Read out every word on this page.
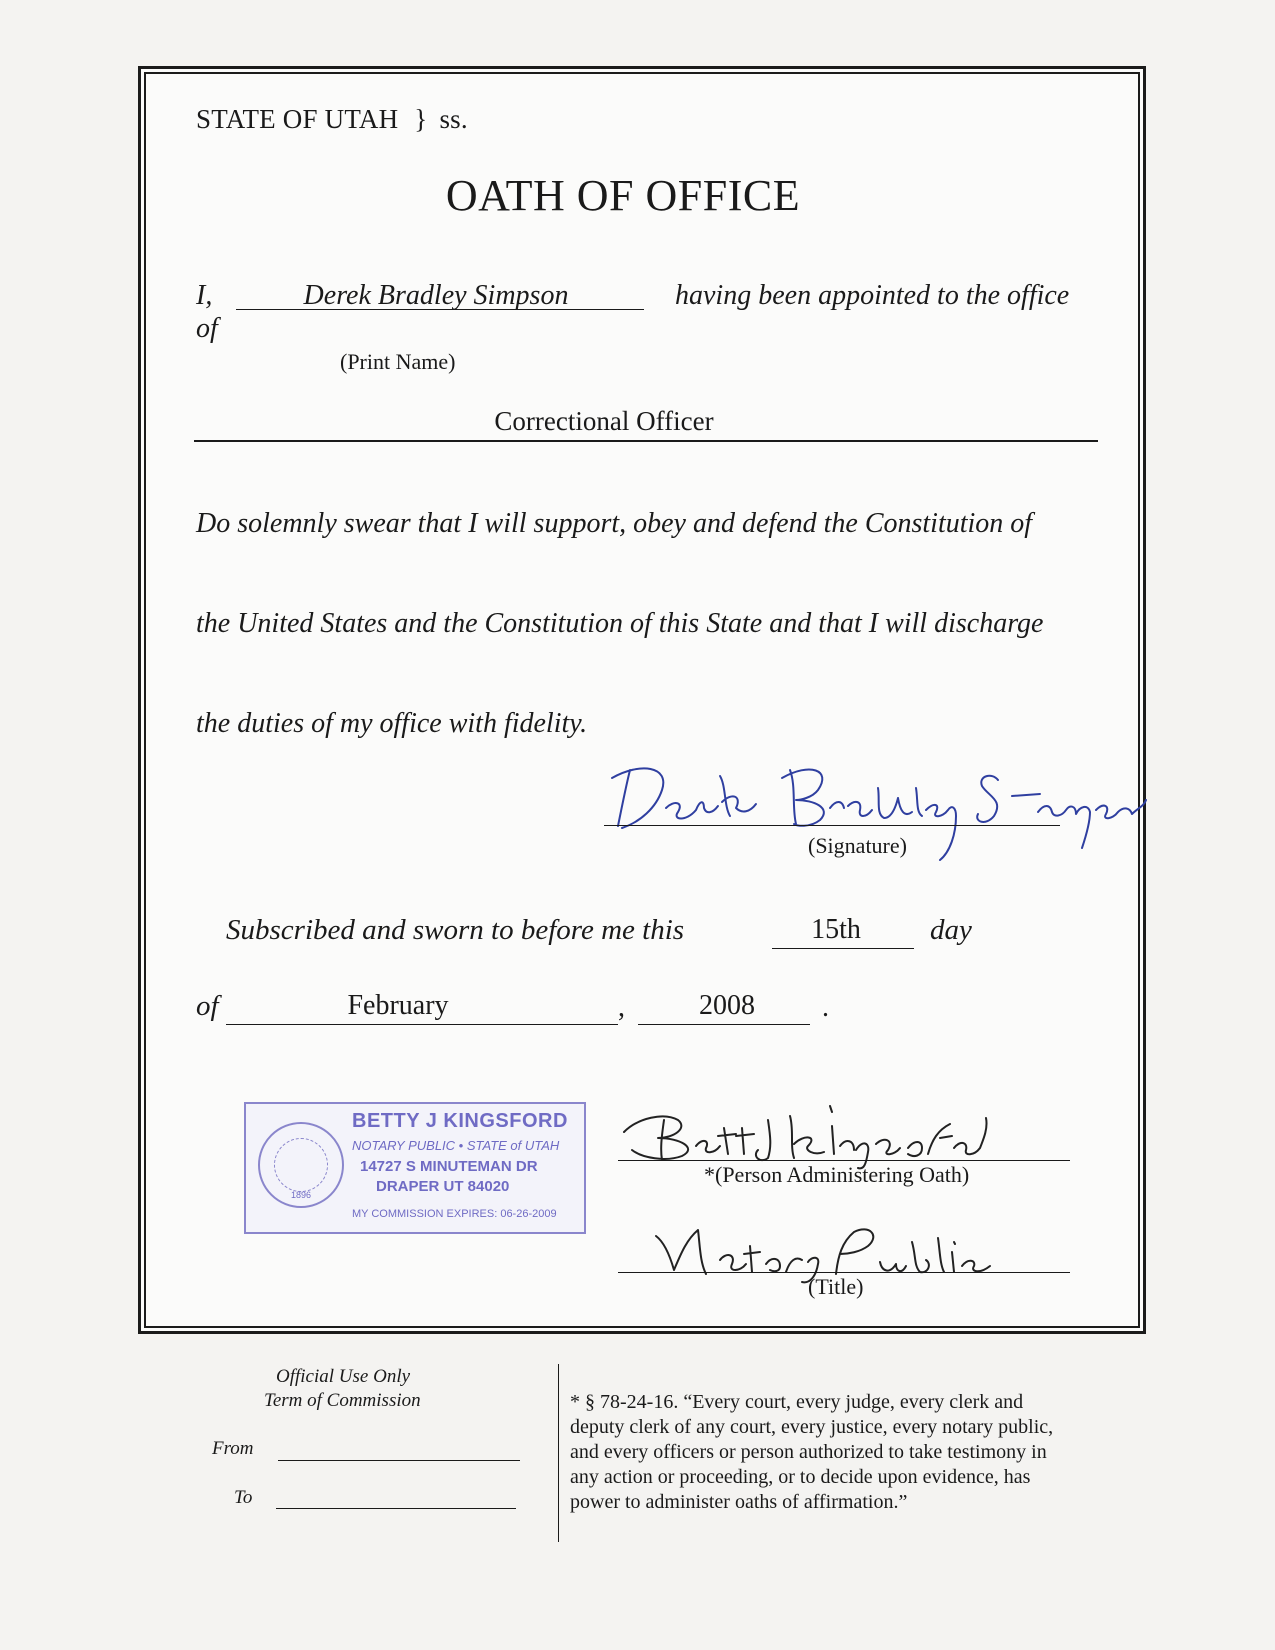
STATE OF UTAH } ss.
OATH OF OFFICE
I,	Derek Bradley Simpson	having been appointed to the office
of
(Print Name)
Correctional Officer
Do solemnly swear that I will support, obey and defend the Constitution of
the United States and the Constitution of this State and that I will discharge
the duties of my office with fidelity.
(Signature)
Subscribed and sworn to before me this	15th	day
of	February	,	2008	.
1896
BETTY J KINGSFORD
NOTARY PUBLIC • STATE of UTAH
14727 S MINUTEMAN DR
DRAPER UT 84020
MY COMMISSION EXPIRES: 06-26-2009
*(Person Administering Oath)
(Title)
Official Use Only
Term of Commission
From
To
* § 78-24-16. “Every court, every judge, every clerk and
deputy clerk of any court, every justice, every notary public,
and every officers or person authorized to take testimony in
any action or proceeding, or to decide upon evidence, has
power to administer oaths of affirmation.”
